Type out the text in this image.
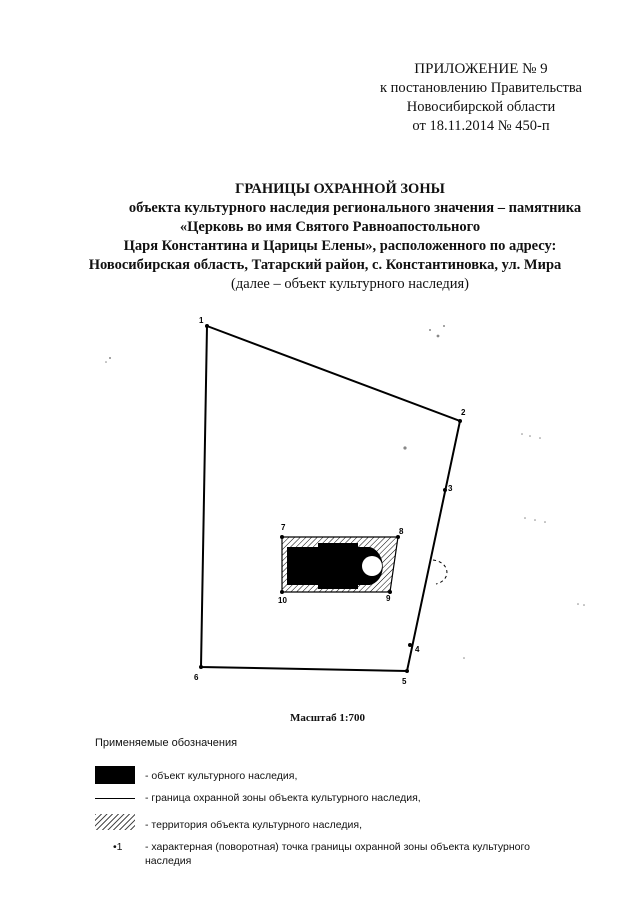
ПРИЛОЖЕНИЕ № 9
к постановлению Правительства
Новосибирской области
от 18.11.2014 № 450-п
ГРАНИЦЫ ОХРАННОЙ ЗОНЫ
объекта культурного наследия регионального значения – памятника
«Церковь во имя Святого Равноапостольного
Царя Константина и Царицы Елены», расположенного по адресу:
Новосибирская область, Татарский район, с. Константиновка, ул. Мира
(далее – объект культурного наследия)
1
2
3
4
5
6
7	8
9
10
Масштаб 1:700
Применяемые обозначения
- объект культурного наследия,
- граница охранной зоны объекта культурного наследия,
- территория объекта культурного наследия,
•1 - характерная (поворотная) точка границы охранной зоны объекта культурного
наследия
